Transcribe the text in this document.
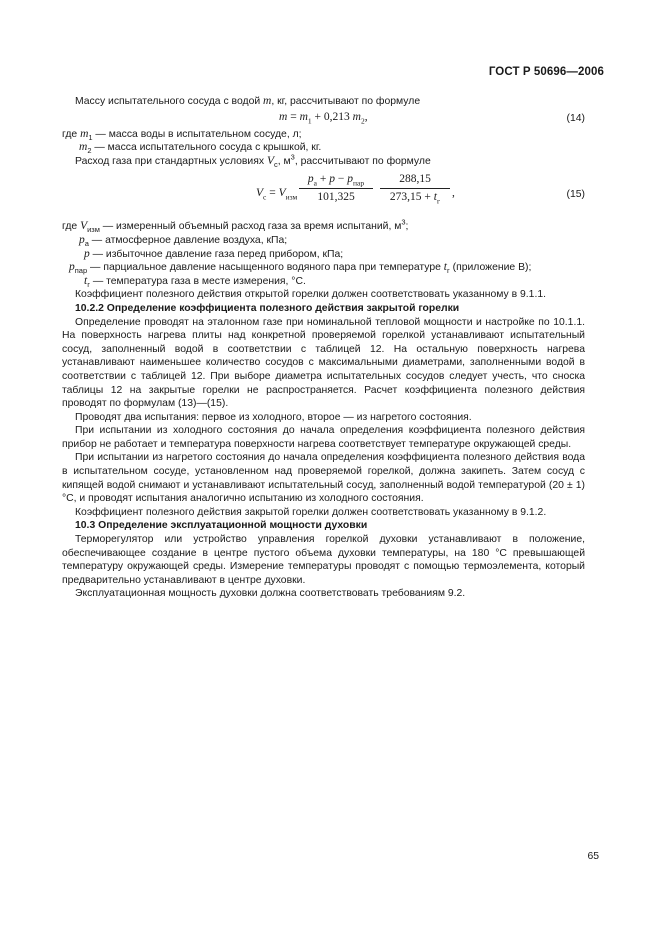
ГОСТ Р 50696—2006

Массу испытательного сосуда с водой m, кг, рассчитывают по формуле

$m = m_1 + 0,213$ $m_2$,	(14)

где $m_1$ — масса воды в испытательном сосуде, л;

$m_2$ — масса испытательного сосуда с крышкой, кг.

Расход газа при стандартных условиях $V_с$, $м^3$, рассчитывают по формуле

$V_с = V_{изм}$
$p_а + p - p_{пар}$
101,325
288,15
$273,15 + t_г$
,	(15)

где $V_{изм}$ — измеренный объемный расход газа за время испытаний, $м^3$;

$p_а$ — атмосферное давление воздуха, кПа;

p — избыточное давление газа перед прибором, кПа;

$p_{пар}$ — парциальное давление насыщенного водяного пара при температуре $t_г$ (приложение В);

$t_г$ — температура газа в месте измерения, °С.

Коэффициент полезного действия открытой горелки должен соответствовать указанному в 9.1.1.

10.2.2 Определение коэффициента полезного действия закрытой горелки

Определение проводят на эталонном газе при номинальной тепловой мощности и настройке по 10.1.1. На поверхность нагрева плиты над конкретной проверяемой горелкой устанавливают испытательный сосуд, заполненный водой в соответствии с таблицей 12. На остальную поверхность нагрева устанавливают наименьшее количество сосудов с максимальными диаметрами, заполненными водой в соответствии с таблицей 12. При выборе диаметра испытательных сосудов следует учесть, что сноска таблицы 12 на закрытые горелки не распространяется. Расчет коэффициента полезного действия проводят по формулам (13)—(15).

Проводят два испытания: первое из холодного, второе — из нагретого состояния.

При испытании из холодного состояния до начала определения коэффициента полезного действия прибор не работает и температура поверхности нагрева соответствует температуре окружающей среды.

При испытании из нагретого состояния до начала определения коэффициента полезного действия вода в испытательном сосуде, установленном над проверяемой горелкой, должна закипеть. Затем сосуд с кипящей водой снимают и устанавливают испытательный сосуд, заполненный водой температурой (20 ± 1) °С, и проводят испытания аналогично испытанию из холодного состояния.

Коэффициент полезного действия закрытой горелки должен соответствовать указанному в 9.1.2.

10.3 Определение эксплуатационной мощности духовки

Терморегулятор или устройство управления горелкой духовки устанавливают в положение, обеспечивающее создание в центре пустого объема духовки температуры, на 180 °С превышающей температуру окружающей среды. Измерение температуры проводят с помощью термоэлемента, который предварительно устанавливают в центре духовки.

Эксплуатационная мощность духовки должна соответствовать требованиям 9.2.

65
